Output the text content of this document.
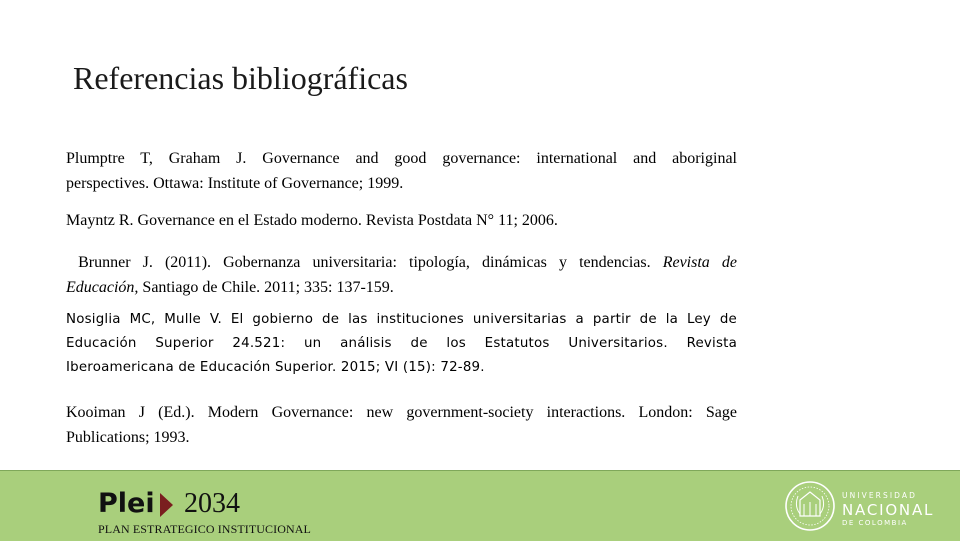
Referencias bibliográficas
Plumptre T, Graham J. Governance and good governance: international and aboriginal
perspectives. Ottawa: Institute of Governance; 1999.
Mayntz R. Governance en el Estado moderno. Revista Postdata N° 11; 2006.
Brunner J. (2011). Gobernanza universitaria: tipología, dinámicas y tendencias. Revista de
Educación, Santiago de Chile. 2011; 335: 137-159.
Nosiglia MC, Mulle V. El gobierno de las instituciones universitarias a partir de la Ley de
Educación Superior 24.521: un análisis de los Estatutos Universitarios. Revista
Iberoamericana de Educación Superior. 2015; VI (15): 72-89.
Kooiman J (Ed.). Modern Governance: new government-society interactions. London: Sage
Publications; 1993.
Plei 2034
PLAN ESTRATEGICO INSTITUCIONAL
UNIVERSIDAD
NACIONAL
DE COLOMBIA
